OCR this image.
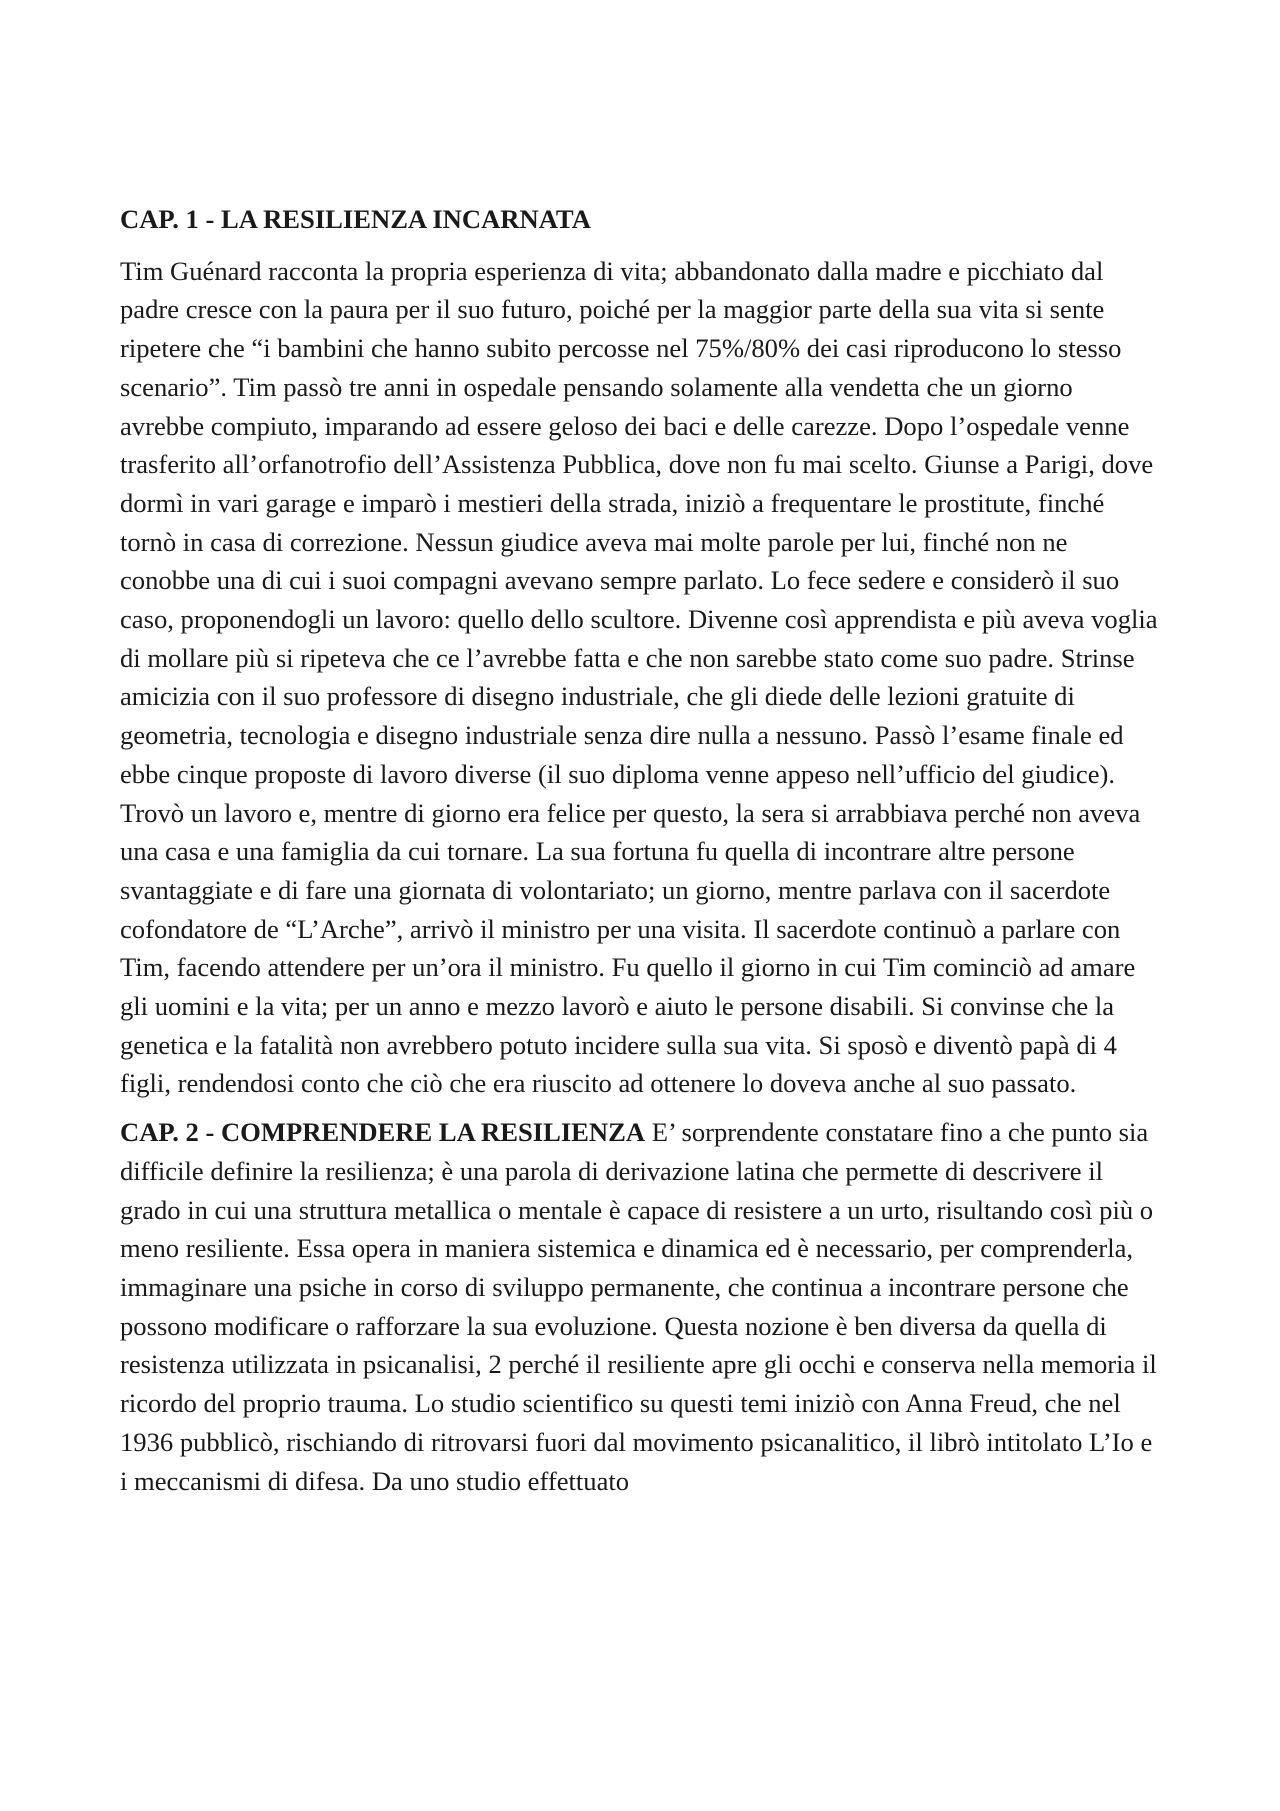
CAP. 1 - LA RESILIENZA INCARNATA
Tim Guénard racconta la propria esperienza di vita; abbandonato dalla madre e picchiato dal padre cresce con la paura per il suo futuro, poiché per la maggior parte della sua vita si sente ripetere che “i bambini che hanno subito percosse nel 75%/80% dei casi riproducono lo stesso scenario”. Tim passò tre anni in ospedale pensando solamente alla vendetta che un giorno avrebbe compiuto, imparando ad essere geloso dei baci e delle carezze. Dopo l’ospedale venne trasferito all’orfanotrofio dell’Assistenza Pubblica, dove non fu mai scelto. Giunse a Parigi, dove dormì in vari garage e imparò i mestieri della strada, iniziò a frequentare le prostitute, finché tornò in casa di correzione. Nessun giudice aveva mai molte parole per lui, finché non ne conobbe una di cui i suoi compagni avevano sempre parlato. Lo fece sedere e considerò il suo caso, proponendogli un lavoro: quello dello scultore. Divenne così apprendista e più aveva voglia di mollare più si ripeteva che ce l’avrebbe fatta e che non sarebbe stato come suo padre. Strinse amicizia con il suo professore di disegno industriale, che gli diede delle lezioni gratuite di geometria, tecnologia e disegno industriale senza dire nulla a nessuno. Passò l’esame finale ed ebbe cinque proposte di lavoro diverse (il suo diploma venne appeso nell’ufficio del giudice). Trovò un lavoro e, mentre di giorno era felice per questo, la sera si arrabbiava perché non aveva una casa e una famiglia da cui tornare. La sua fortuna fu quella di incontrare altre persone svantaggiate e di fare una giornata di volontariato; un giorno, mentre parlava con il sacerdote cofondatore de “L’Arche”, arrivò il ministro per una visita. Il sacerdote continuò a parlare con Tim, facendo attendere per un’ora il ministro. Fu quello il giorno in cui Tim cominciò ad amare gli uomini e la vita; per un anno e mezzo lavorò e aiuto le persone disabili. Si convinse che la genetica e la fatalità non avrebbero potuto incidere sulla sua vita. Si sposò e diventò papà di 4 figli, rendendosi conto che ciò che era riuscito ad ottenere lo doveva anche al suo passato.
CAP. 2 - COMPRENDERE LA RESILIENZA E’ sorprendente constatare fino a che punto sia difficile definire la resilienza; è una parola di derivazione latina che permette di descrivere il grado in cui una struttura metallica o mentale è capace di resistere a un urto, risultando così più o meno resiliente. Essa opera in maniera sistemica e dinamica ed è necessario, per comprenderla, immaginare una psiche in corso di sviluppo permanente, che continua a incontrare persone che possono modificare o rafforzare la sua evoluzione. Questa nozione è ben diversa da quella di resistenza utilizzata in psicanalisi, 2 perché il resiliente apre gli occhi e conserva nella memoria il ricordo del proprio trauma. Lo studio scientifico su questi temi iniziò con Anna Freud, che nel 1936 pubblicò, rischiando di ritrovarsi fuori dal movimento psicanalitico, il librò intitolato L’Io e i meccanismi di difesa. Da uno studio effettuato
